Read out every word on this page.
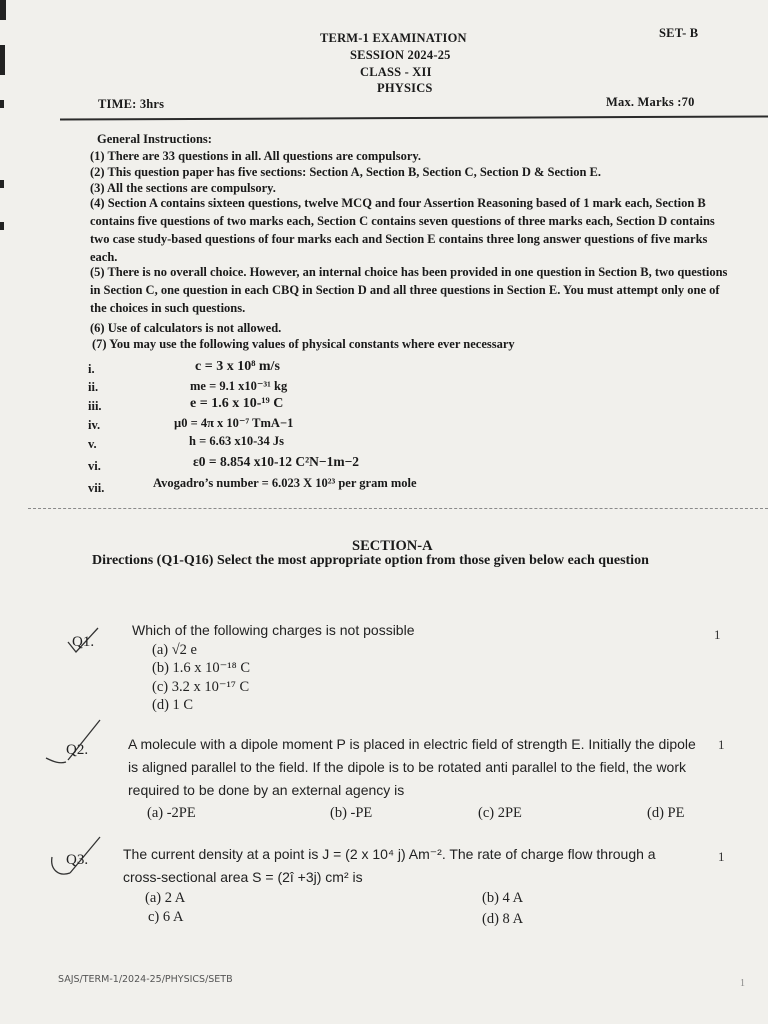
TERM-1 EXAMINATION	SET- B
SESSION 2024-25
CLASS - XII
PHYSICS
TIME: 3hrs	Max. Marks :70
General Instructions:
(1) There are 33 questions in all. All questions are compulsory.
(2) This question paper has five sections: Section A, Section B, Section C, Section D & Section E.
(3) All the sections are compulsory.
(4) Section A contains sixteen questions, twelve MCQ and four Assertion Reasoning based of 1 mark each, Section B contains five questions of two marks each, Section C contains seven questions of three marks each, Section D contains two case study-based questions of four marks each and Section E contains three long answer questions of five marks each.
(5) There is no overall choice. However, an internal choice has been provided in one question in Section B, two questions in Section C, one question in each CBQ in Section D and all three questions in Section E. You must attempt only one of the choices in such questions.
(6) Use of calculators is not allowed.
(7) You may use the following values of physical constants where ever necessary
i.	c = 3 x 10⁸ m/s
ii.	me = 9.1 x10⁻³¹ kg
iii.	e = 1.6 x 10-¹⁹ C
iv.	µ0 = 4π x 10⁻⁷ TmA−1
v.	h = 6.63 x10-34 Js
vi.	ε0 = 8.854 x10-12 C²N−1m−2
vii.	Avogadro’s number = 6.023 X 10²³ per gram mole
SECTION-A
Directions (Q1-Q16) Select the most appropriate option from those given below each question
Q1.
Which of the following charges is not possible	1
(a) √2 e
(b) 1.6 x 10⁻¹⁸ C
(c) 3.2 x 10⁻¹⁷ C
(d) 1 C
Q2.	A molecule with a dipole moment P is placed in electric field of strength E. Initially the dipole is aligned parallel to the field. If the dipole is to be rotated anti parallel to the field, the work required to be done by an external agency is
1
(a) -2PE	(b) -PE	(c) 2PE	(d) PE
Q3. The current density at a point is J = (2 x 10⁴ j) Am⁻². The rate of charge flow through a cross-sectional area S = (2î +3j) cm² is
1
(a) 2 A	(b) 4 A
c) 6 A	(d) 8 A
SAJS/TERM-1/2024-25/PHYSICS/SETB	1
